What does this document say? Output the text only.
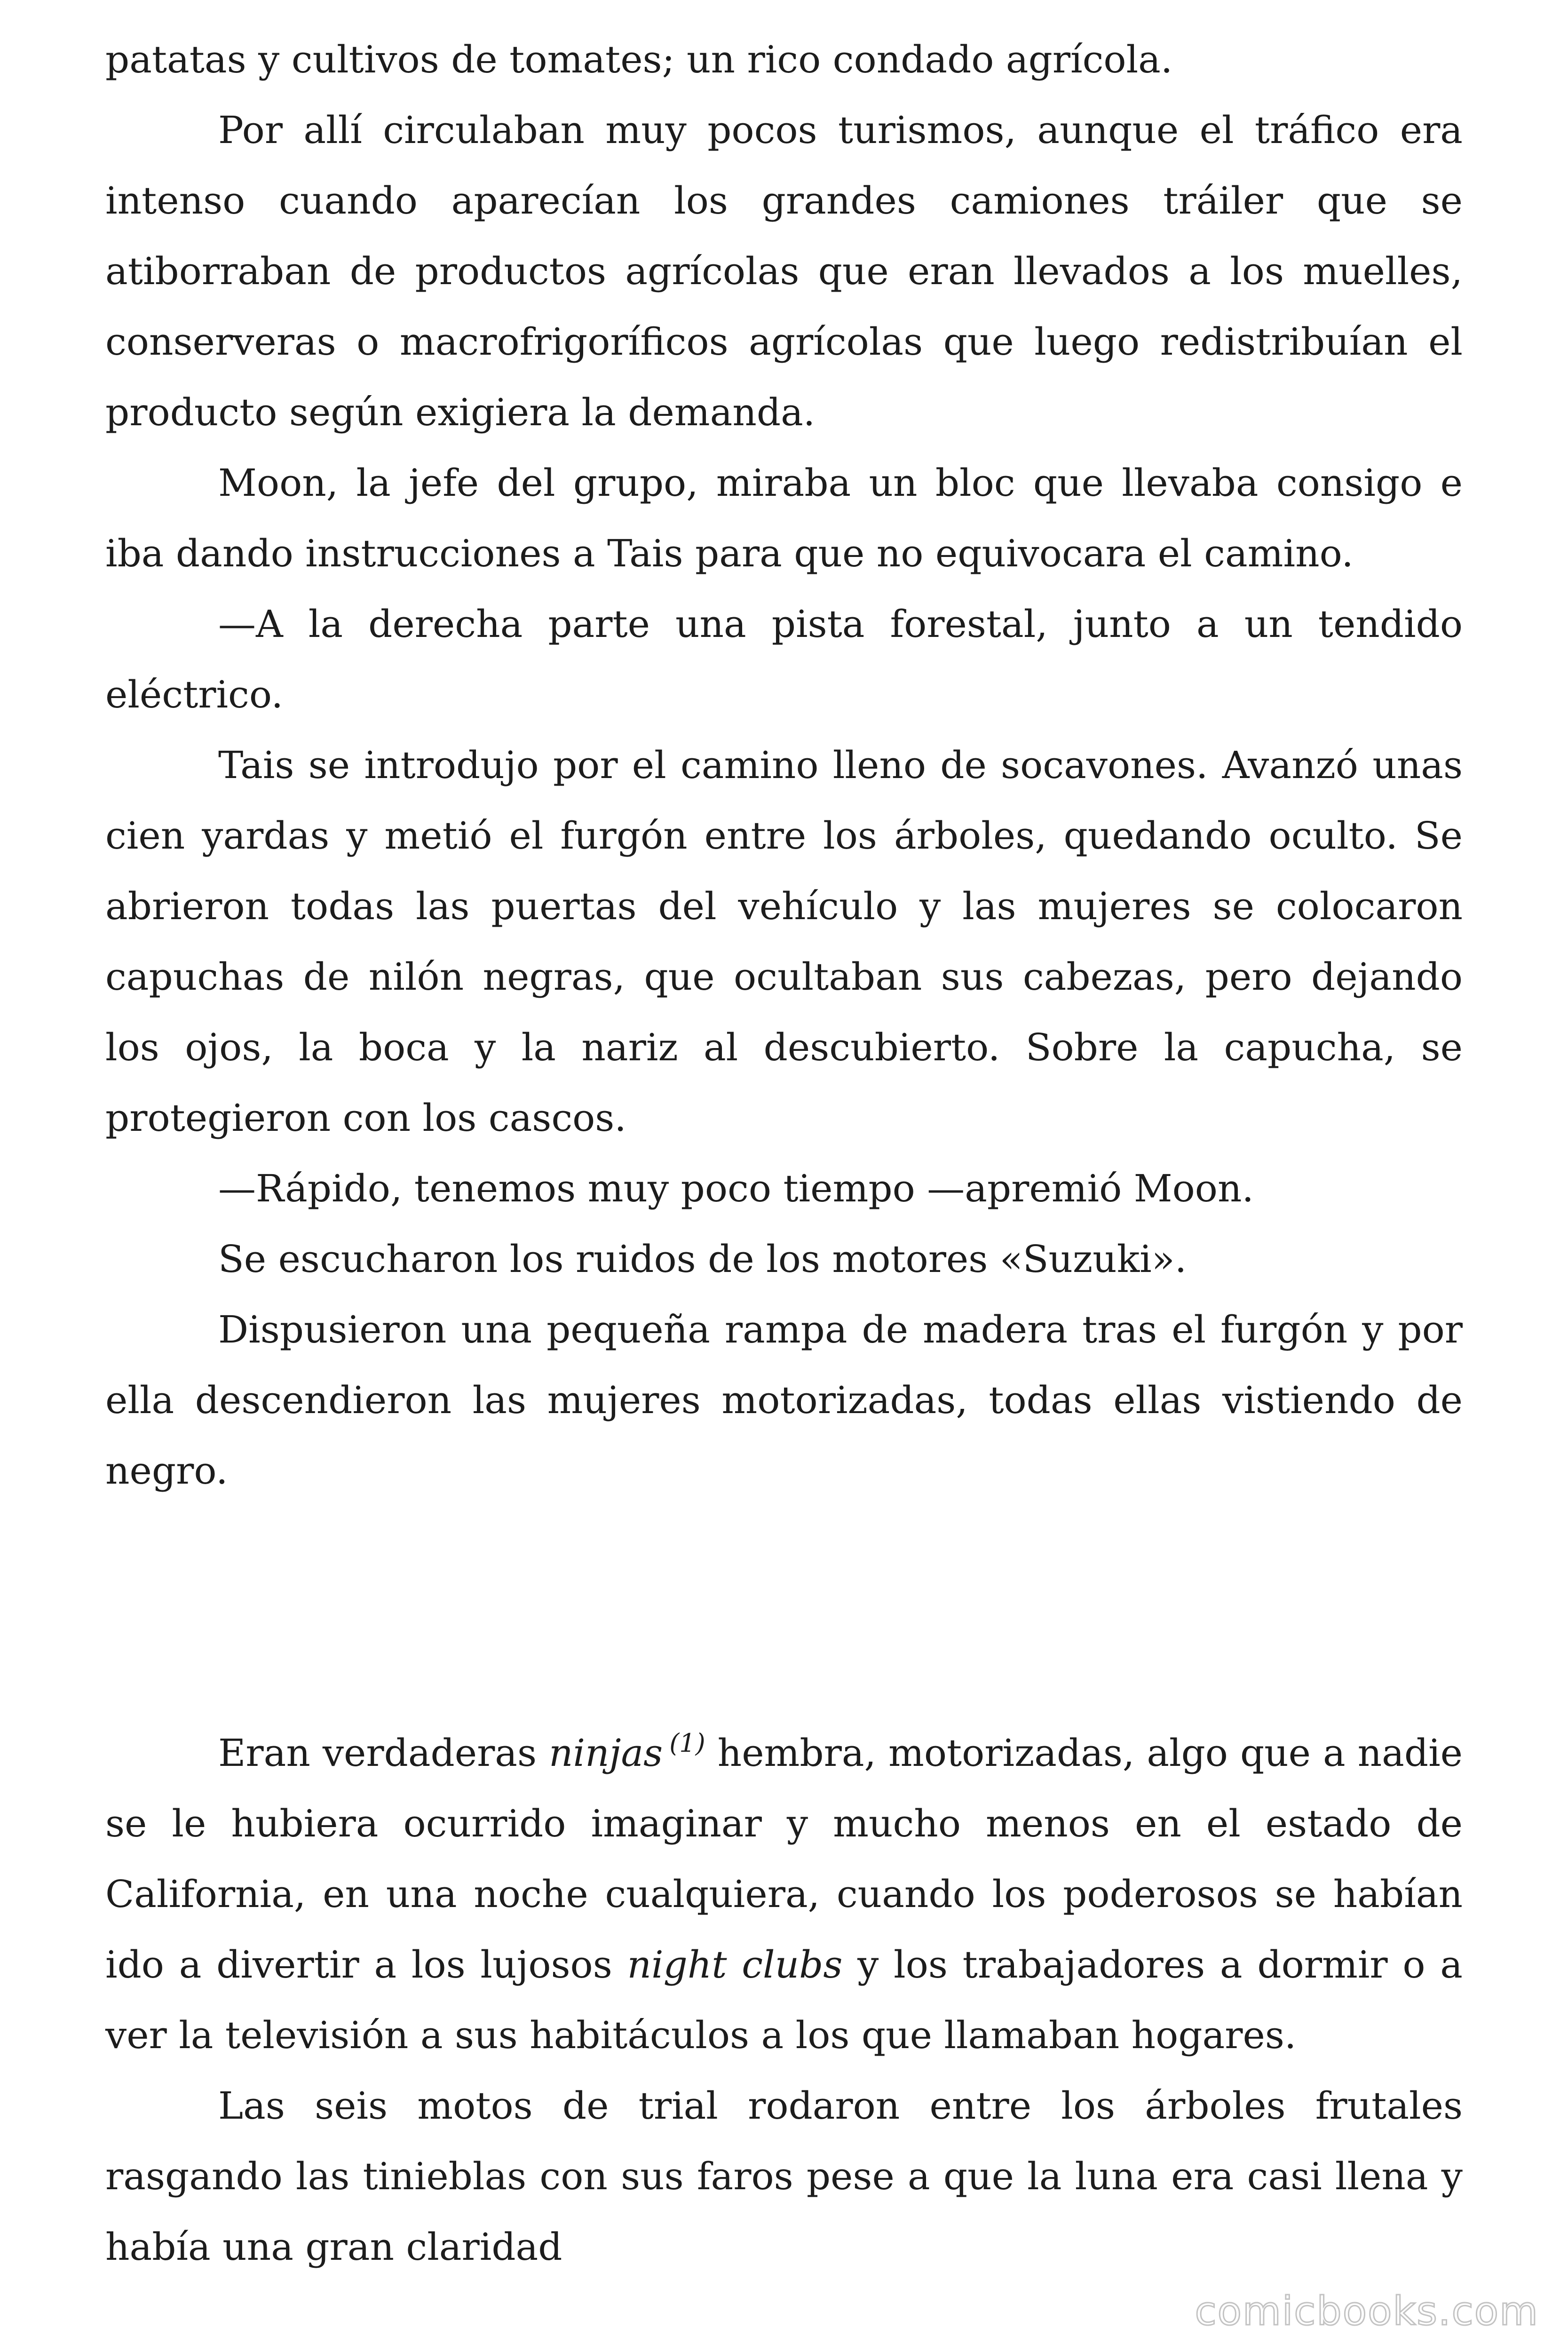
patatas y cultivos de tomates; un rico condado agrícola.

Por allí circulaban muy pocos turismos, aunque el tráfico era intenso cuando aparecían los grandes camiones tráiler que se atiborraban de productos agrícolas que eran llevados a los muelles, conserveras o macrofrigoríficos agrícolas que luego redistribuían el producto según exigiera la demanda.

Moon, la jefe del grupo, miraba un bloc que llevaba consigo e iba dando instrucciones a Tais para que no equivocara el camino.

—A la derecha parte una pista forestal, junto a un tendido eléctrico.

Tais se introdujo por el camino lleno de socavones. Avanzó unas cien yardas y metió el furgón entre los árboles, quedando oculto. Se abrieron todas las puertas del vehículo y las mujeres se colocaron capuchas de nilón negras, que ocultaban sus cabezas, pero dejando los ojos, la boca y la nariz al descubierto. Sobre la capucha, se protegieron con los cascos.

—Rápido, tenemos muy poco tiempo —apremió Moon.

Se escucharon los ruidos de los motores «Suzuki».

Dispusieron una pequeña rampa de madera tras el furgón y por ella descendieron las mujeres motorizadas, todas ellas vistiendo de negro.

Eran verdaderas ninjas $^{(1)}$ hembra, motorizadas, algo que a nadie se le hubiera ocurrido imaginar y mucho menos en el estado de California, en una noche cualquiera, cuando los poderosos se habían ido a divertir a los lujosos night clubs y los trabajadores a dormir o a ver la televisión a sus habitáculos a los que llamaban hogares.

Las seis motos de trial rodaron entre los árboles frutales rasgando las tinieblas con sus faros pese a que la luna era casi llena y había una gran claridad

comicbooks.com
